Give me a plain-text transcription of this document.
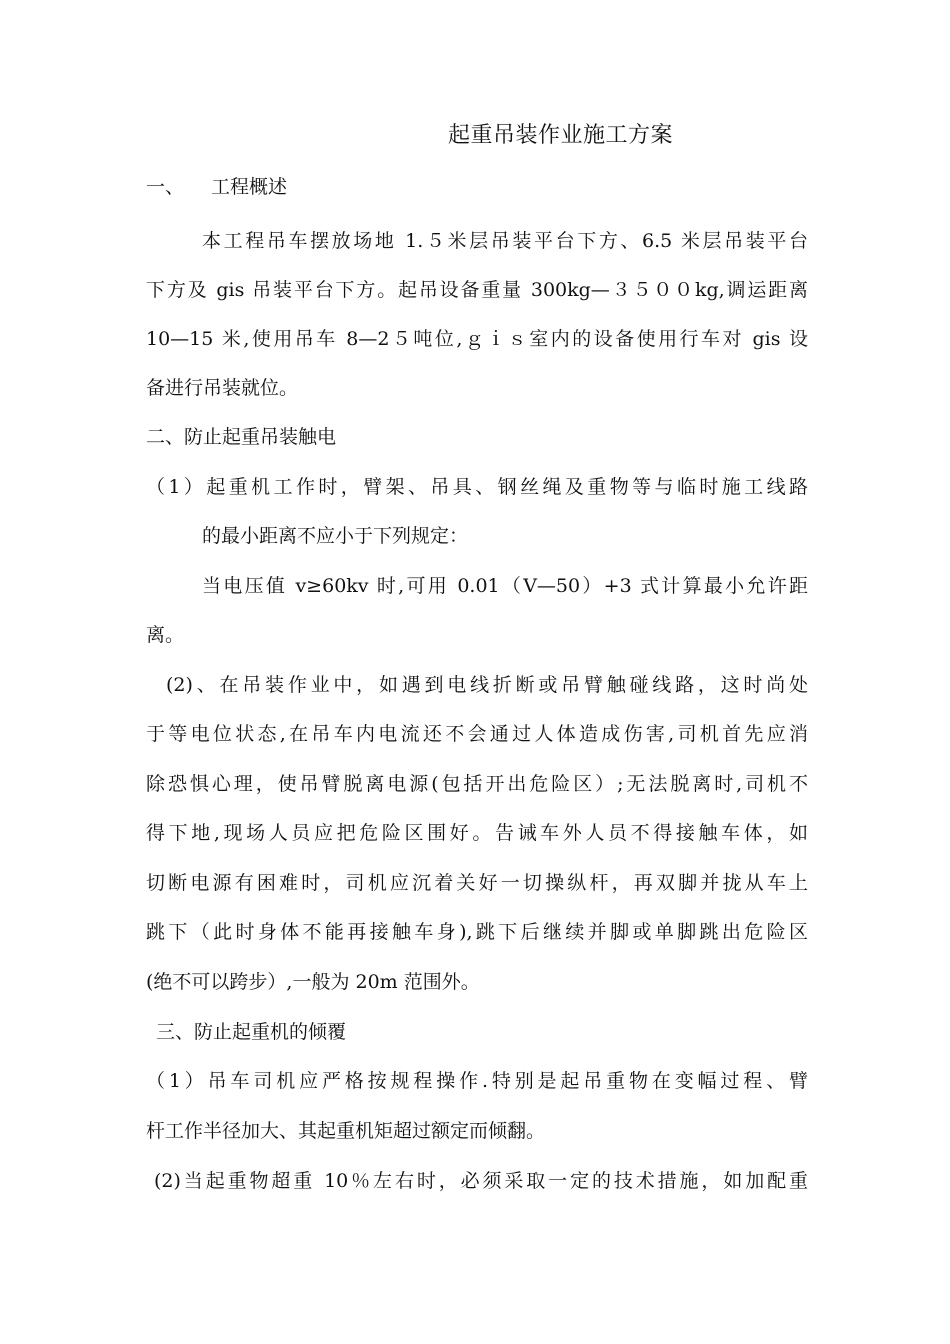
起重吊装作业施工方案
一、 工程概述
本工程吊车摆放场地 1.５米层吊装平台下方、6.5 米层吊装平台
下方及 gis 吊装平台下方。起吊设备重量 300kg—３５００kg,调运距离
10—15 米,使用吊车 8—2５吨位,ｇｉｓ室内的设备使用行车对 gis 设
备进行吊装就位。
二、防止起重吊装触电
（1）起重机工作时，臂架、吊具、钢丝绳及重物等与临时施工线路
的最小距离不应小于下列规定：
当电压值 v≥60kv 时,可用 0.01（V—50）+3 式计算最小允许距
离。
(2)、在吊装作业中，如遇到电线折断或吊臂触碰线路，这时尚处
于等电位状态,在吊车内电流还不会通过人体造成伤害,司机首先应消
除恐惧心理，使吊臂脱离电源(包括开出危险区）;无法脱离时,司机不
得下地,现场人员应把危险区围好。告诫车外人员不得接触车体，如
切断电源有困难时，司机应沉着关好一切操纵杆，再双脚并拢从车上
跳下（此时身体不能再接触车身),跳下后继续并脚或单脚跳出危险区
(绝不可以跨步）,一般为 20m 范围外。
三、防止起重机的倾覆
（1）吊车司机应严格按规程操作.特别是起吊重物在变幅过程、臂
杆工作半径加大、其起重机矩超过额定而倾翻。
(2)当起重物超重 10％左右时，必须采取一定的技术措施，如加配重
